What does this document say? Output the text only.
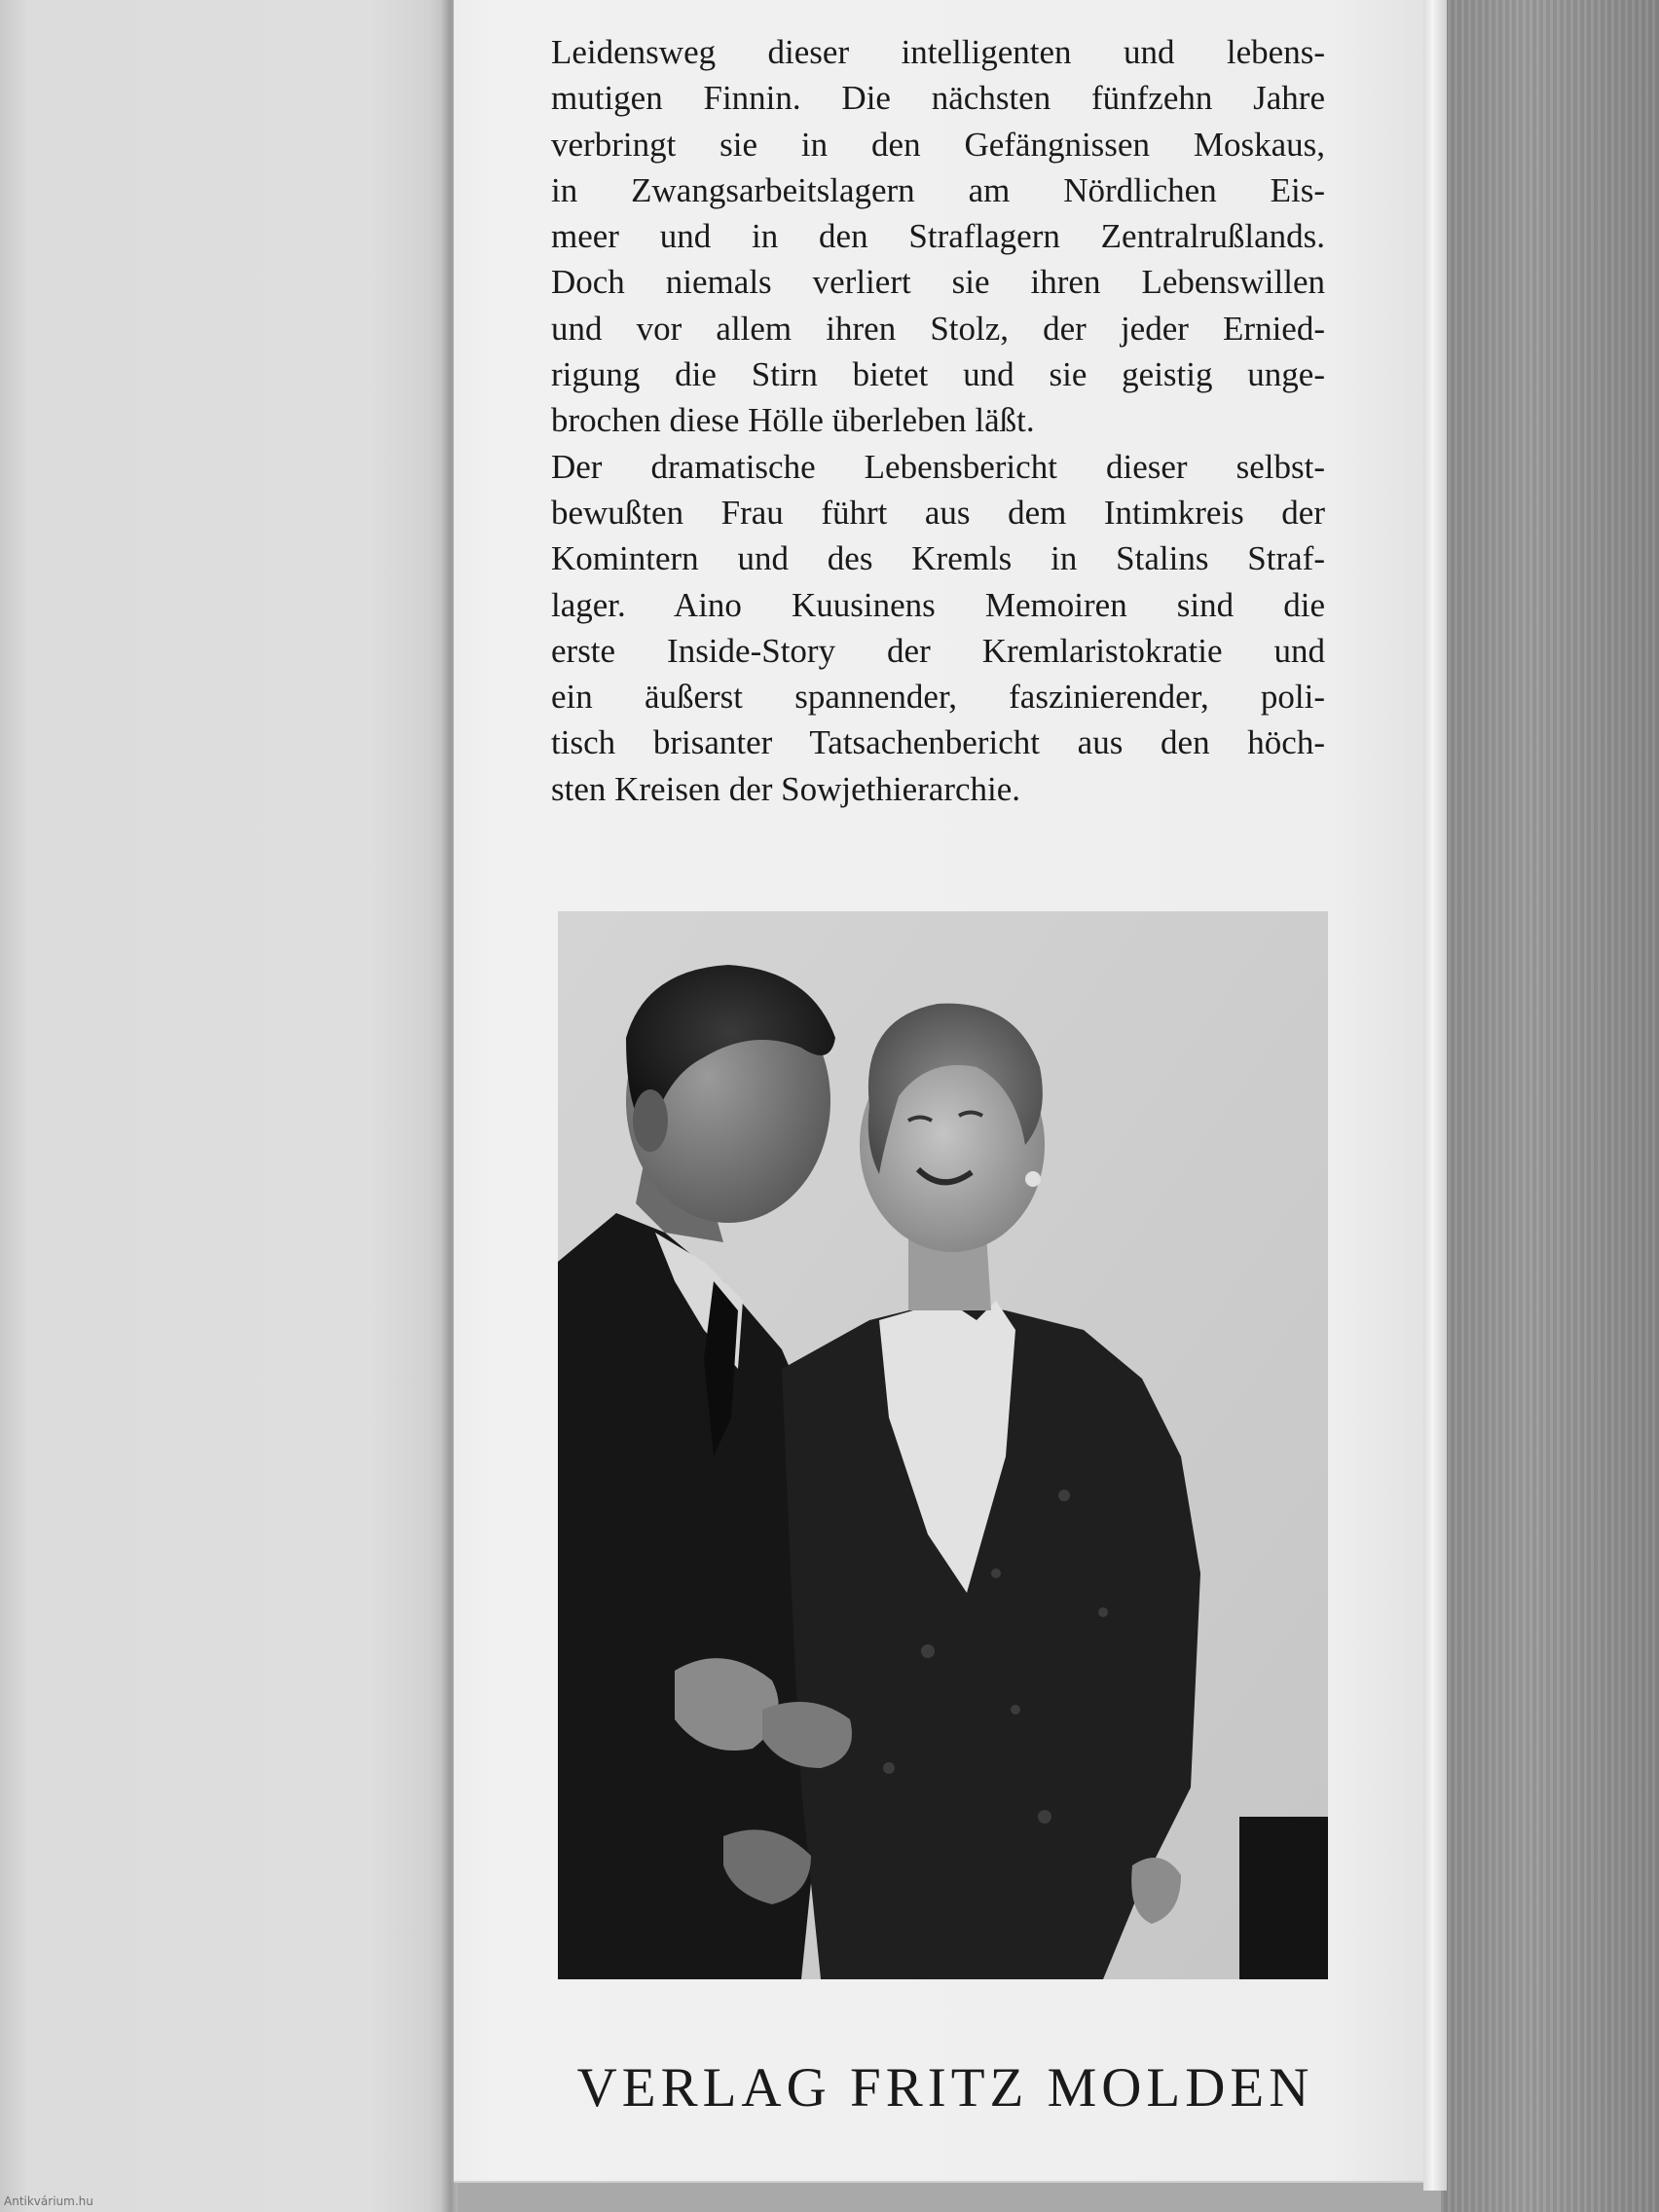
Leidensweg dieser intelligenten und lebens-
mutigen Finnin. Die nächsten fünfzehn Jahre
verbringt sie in den Gefängnissen Moskaus,
in Zwangsarbeitslagern am Nördlichen Eis-
meer und in den Straflagern Zentralrußlands.
Doch niemals verliert sie ihren Lebenswillen
und vor allem ihren Stolz, der jeder Ernied-
rigung die Stirn bietet und sie geistig unge-
brochen diese Hölle überleben läßt.
Der dramatische Lebensbericht dieser selbst-
bewußten Frau führt aus dem Intimkreis der
Komintern und des Kremls in Stalins Straf-
lager. Aino Kuusinens Memoiren sind die
erste Inside-Story der Kremlaristokratie und
ein äußerst spannender, faszinierender, poli-
tisch brisanter Tatsachenbericht aus den höch-
sten Kreisen der Sowjethierarchie.
VERLAG FRITZ MOLDEN
Antikvárium.hu
